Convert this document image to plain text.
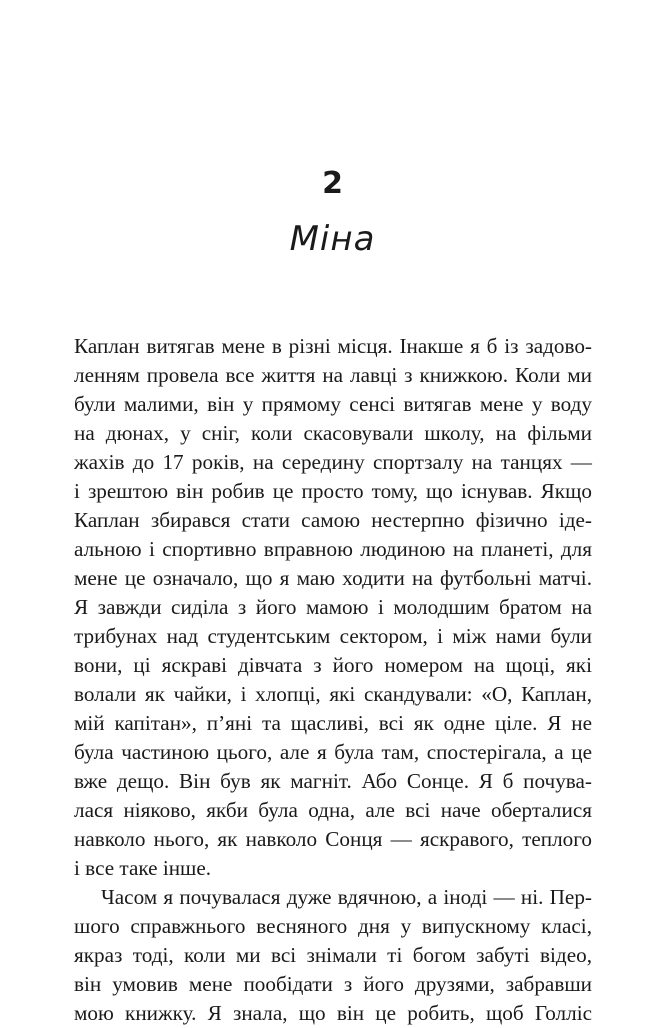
2
Міна
Каплан витягав мене в різні місця. Інакше я б із задово-
ленням провела все життя на лавці з книжкою. Коли ми
були малими, він у прямому сенсі витягав мене у воду
на дюнах, у сніг, коли скасовували школу, на фільми
жахів до 17 років, на середину спортзалу на танцях —
і зрештою він робив це просто тому, що існував. Якщо
Каплан збирався стати самою нестерпно фізично іде-
альною і спортивно вправною людиною на планеті, для
мене це означало, що я маю ходити на футбольні матчі.
Я завжди сиділа з його мамою і молодшим братом на
трибунах над студентським сектором, і між нами були
вони, ці яскраві дівчата з його номером на щоці, які
волали як чайки, і хлопці, які скандували: «О, Каплан,
мій капітан», п’яні та щасливі, всі як одне ціле. Я не
була частиною цього, але я була там, спостерігала, а це
вже дещо. Він був як магніт. Або Сонце. Я б почува-
лася ніяково, якби була одна, але всі наче оберталися
навколо нього, як навколо Сонця — яскравого, теплого
і все таке інше.
Часом я почувалася дуже вдячною, а іноді — ні. Пер-
шого справжнього весняного дня у випускному класі,
якраз тоді, коли ми всі знімали ті богом забуті відео,
він умовив мене пообідати з його друзями, забравши
мою книжку. Я знала, що він це робить, щоб Голліс
